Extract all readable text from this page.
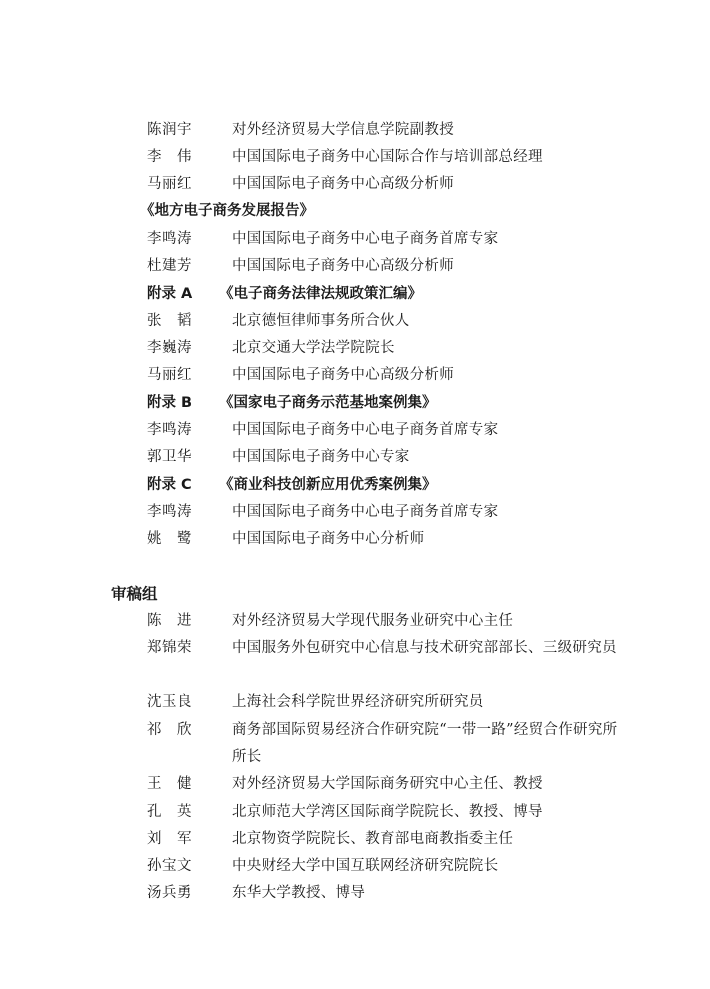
陈润宇	对外经济贸易大学信息学院副教授
李　伟	中国国际电子商务中心国际合作与培训部总经理
马丽红	中国国际电子商务中心高级分析师
《地方电子商务发展报告》
李鸣涛	中国国际电子商务中心电子商务首席专家
杜建芳	中国国际电子商务中心高级分析师
附录 A 《电子商务法律法规政策汇编》
张　韬	北京德恒律师事务所合伙人
李巍涛	北京交通大学法学院院长
马丽红	中国国际电子商务中心高级分析师
附录 B 《国家电子商务示范基地案例集》
李鸣涛	中国国际电子商务中心电子商务首席专家
郭卫华	中国国际电子商务中心专家
附录 C 《商业科技创新应用优秀案例集》
李鸣涛	中国国际电子商务中心电子商务首席专家
姚　鹭	中国国际电子商务中心分析师
审稿组
陈　进	对外经济贸易大学现代服务业研究中心主任
郑锦荣	中国服务外包研究中心信息与技术研究部部长、三级研究员
沈玉良	上海社会科学院世界经济研究所研究员
祁　欣	商务部国际贸易经济合作研究院“一带一路”经贸合作研究所所长
王　健	对外经济贸易大学国际商务研究中心主任、教授
孔　英	北京师范大学湾区国际商学院院长、教授、博导
刘　军	北京物资学院院长、教育部电商教指委主任
孙宝文	中央财经大学中国互联网经济研究院院长
汤兵勇	东华大学教授、博导
